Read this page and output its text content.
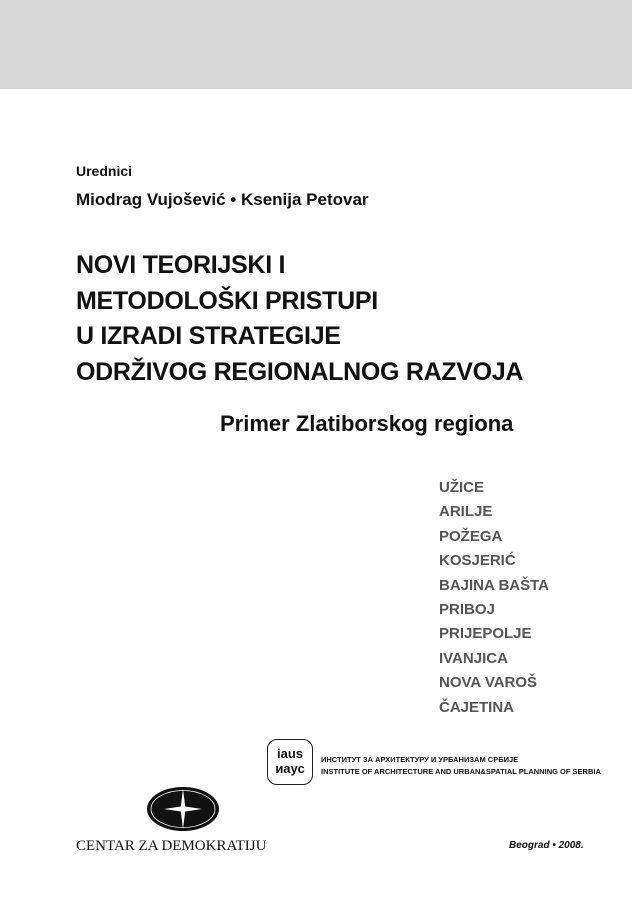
Urednici
Miodrag Vujošević • Ksenija Petovar
NOVI TEORIJSKI I
METODOLOŠKI PRISTUPI
U IZRADI STRATEGIJE
ODRŽIVOG REGIONALNOG RAZVOJA
Primer Zlatiborskog regiona
UŽICE
ARILJE
POŽEGA
KOSJERIĆ
BAJINA BAŠTA
PRIBOJ
PRIJEPOLJE
IVANJICA
NOVA VAROŠ
ČAJETINA
iaus
иаус
ИНСТИТУТ ЗА АРХИТЕКТУРУ И УРБАНИЗАМ СРБИЈЕ
INSTITUTE OF ARCHITECTURE AND URBAN&SPATIAL PLANNING OF SERBIA
CENTAR ZA DEMOKRATIJU	Beograd • 2008.
